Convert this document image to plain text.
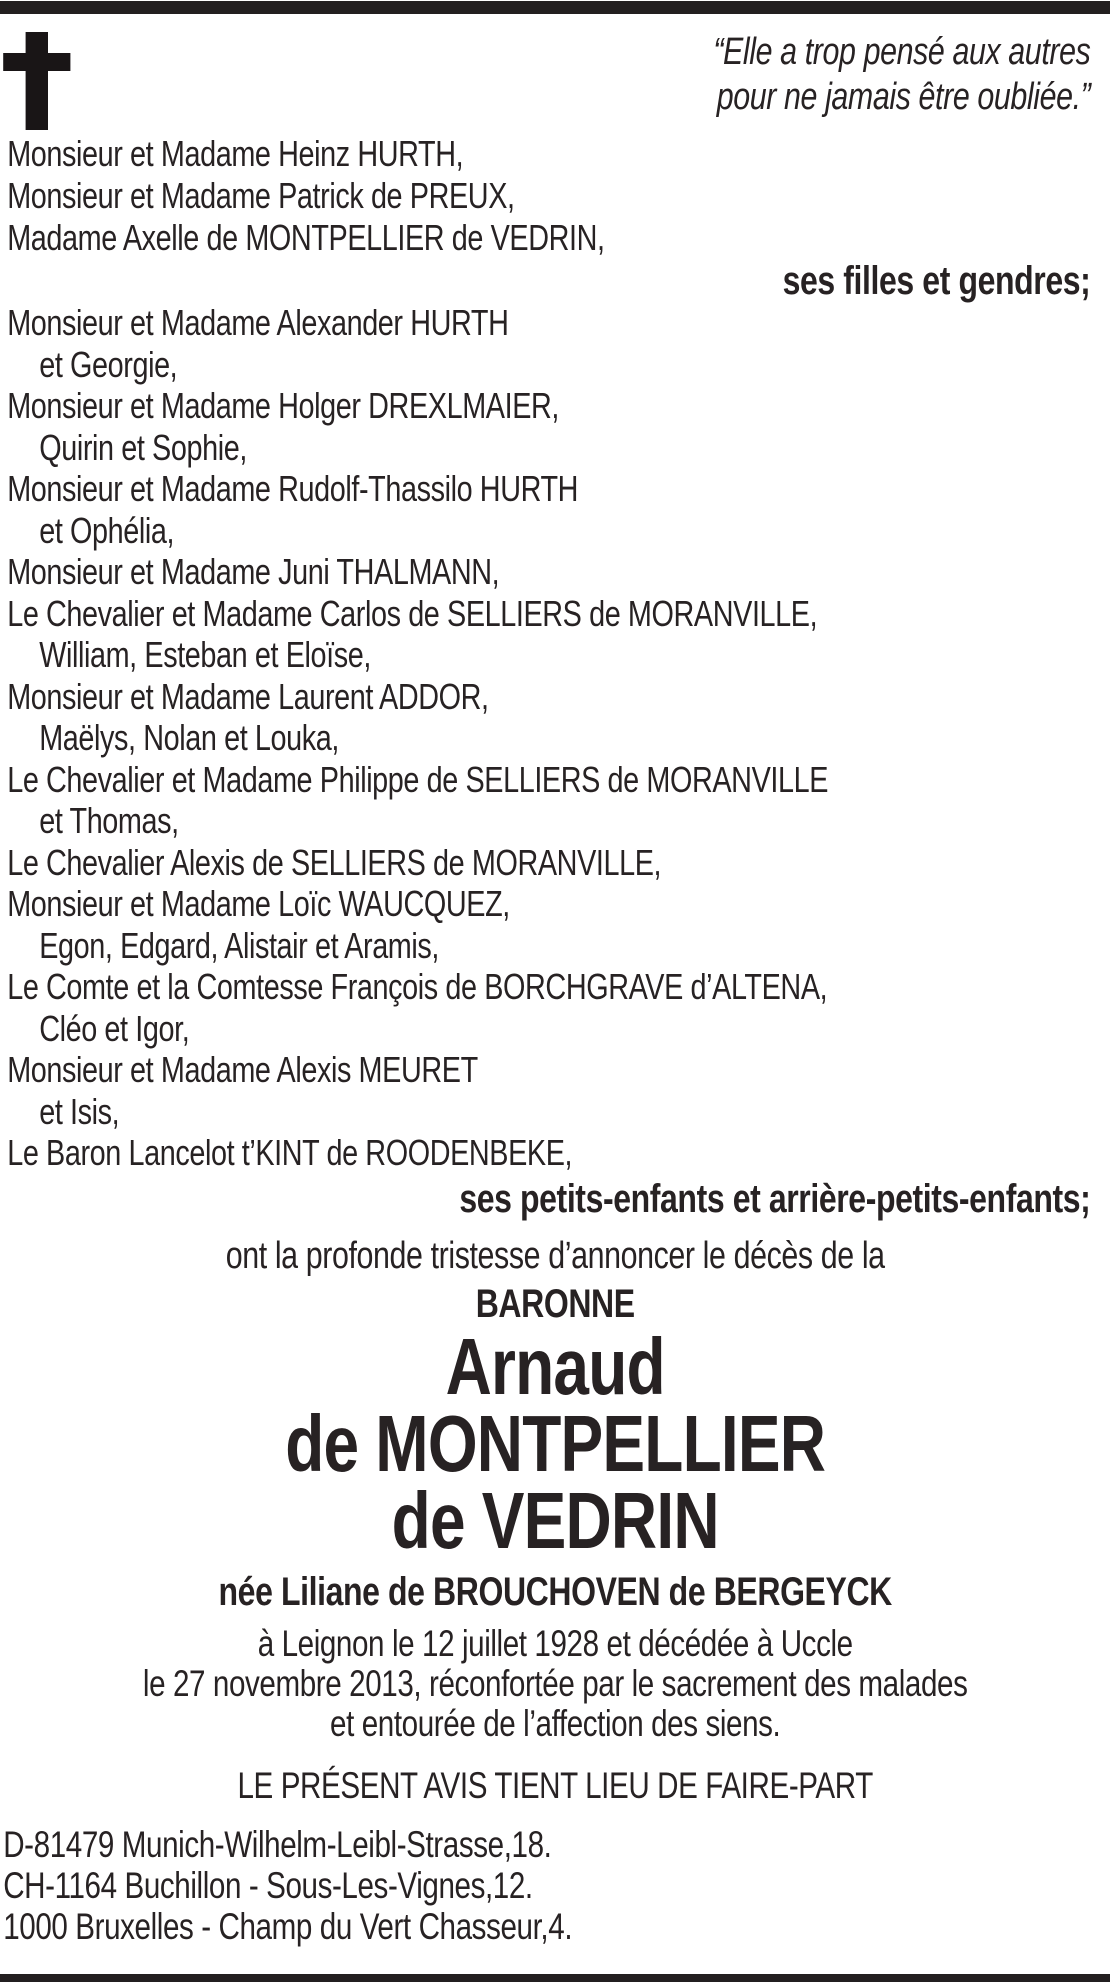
“Elle a trop pensé aux autres
pour ne jamais être oubliée.”
Monsieur et Madame Heinz HURTH,
Monsieur et Madame Patrick de PREUX,
Madame Axelle de MONTPELLIER de VEDRIN,
ses filles et gendres;
Monsieur et Madame Alexander HURTH
et Georgie,
Monsieur et Madame Holger DREXLMAIER,
Quirin et Sophie,
Monsieur et Madame Rudolf-Thassilo HURTH
et Ophélia,
Monsieur et Madame Juni THALMANN,
Le Chevalier et Madame Carlos de SELLIERS de MORANVILLE,
William, Esteban et Eloïse,
Monsieur et Madame Laurent ADDOR,
Maëlys, Nolan et Louka,
Le Chevalier et Madame Philippe de SELLIERS de MORANVILLE
et Thomas,
Le Chevalier Alexis de SELLIERS de MORANVILLE,
Monsieur et Madame Loïc WAUCQUEZ,
Egon, Edgard, Alistair et Aramis,
Le Comte et la Comtesse François de BORCHGRAVE d’ALTENA,
Cléo et Igor,
Monsieur et Madame Alexis MEURET
et Isis,
Le Baron Lancelot t’KINT de ROODENBEKE,
ses petits-enfants et arrière-petits-enfants;
ont la profonde tristesse d’annoncer le décès de la
BARONNE
Arnaud
de MONTPELLIER
de VEDRIN
née Liliane de BROUCHOVEN de BERGEYCK
à Leignon le 12 juillet 1928 et décédée à Uccle
le 27 novembre 2013, réconfortée par le sacrement des malades
et entourée de l’affection des siens.
LE PRÉSENT AVIS TIENT LIEU DE FAIRE-PART
D-81479 Munich-Wilhelm-Leibl-Strasse,18.
CH-1164 Buchillon - Sous-Les-Vignes,12.
1000 Bruxelles - Champ du Vert Chasseur,4.
